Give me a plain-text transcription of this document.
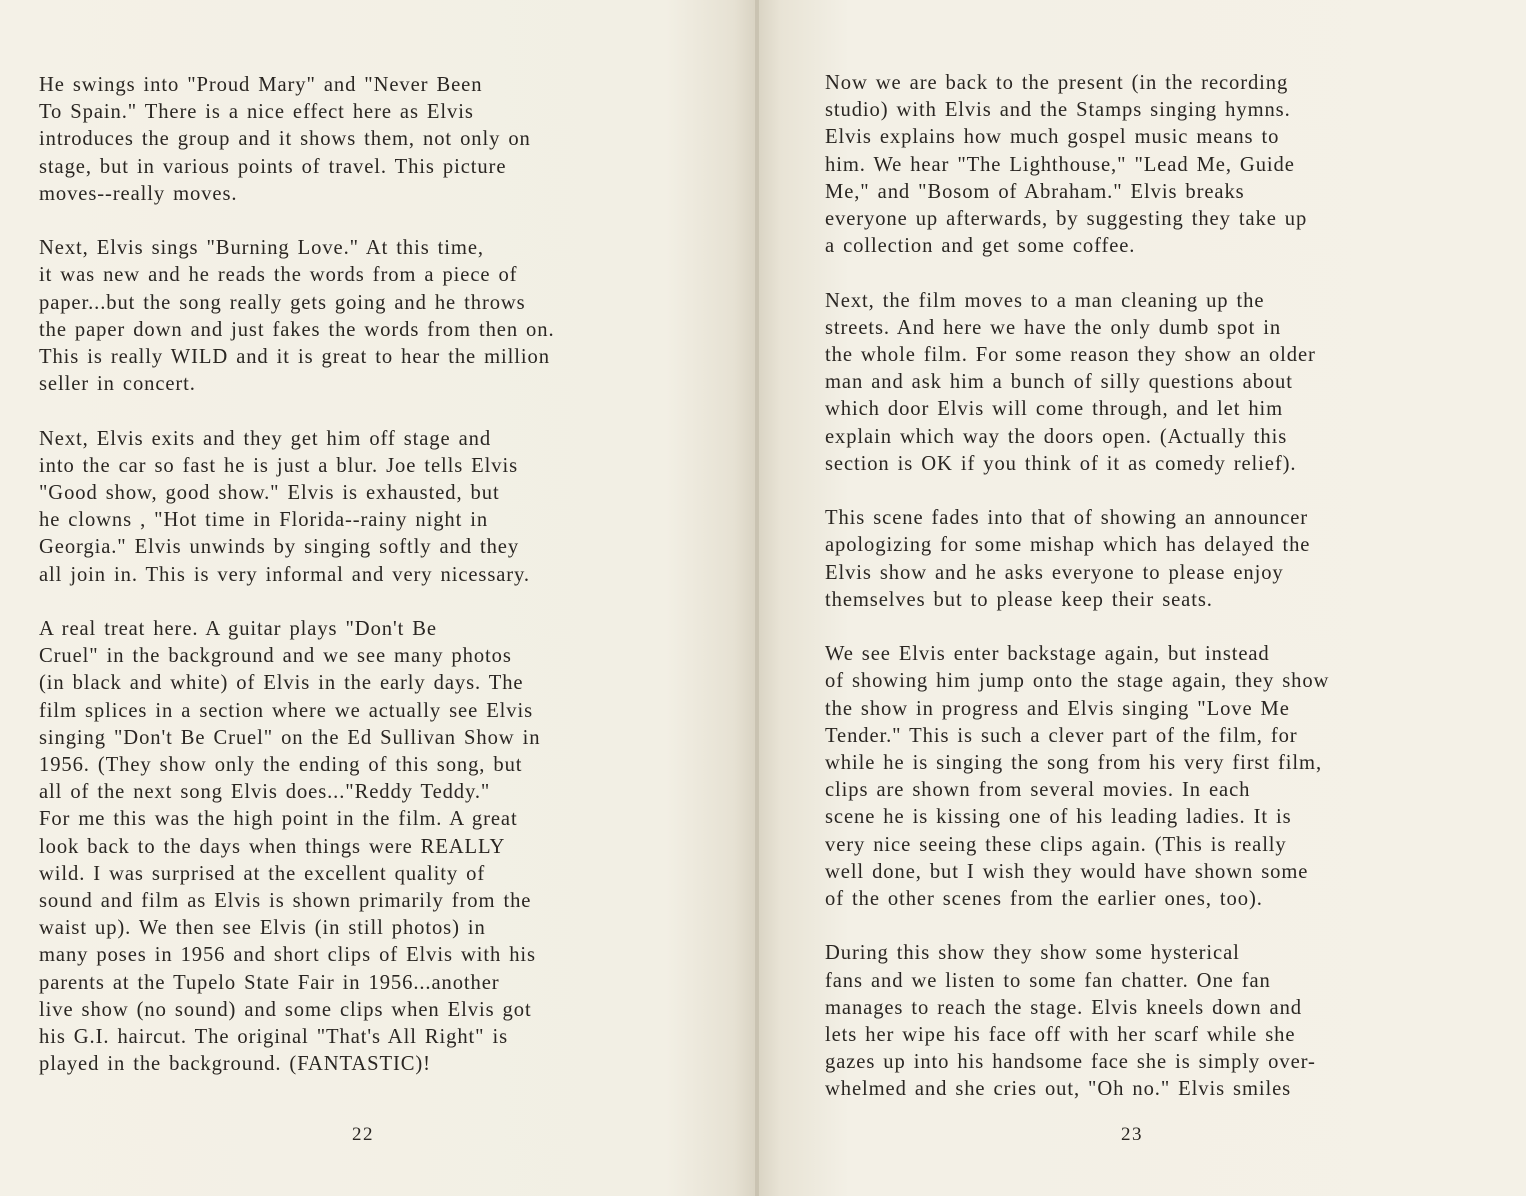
He swings into "Proud Mary" and "Never Been
To Spain." There is a nice effect here as Elvis
introduces the group and it shows them, not only on
stage, but in various points of travel. This picture
moves--really moves.

Next, Elvis sings "Burning Love." At this time,
it was new and he reads the words from a piece of
paper...but the song really gets going and he throws
the paper down and just fakes the words from then on.
This is really WILD and it is great to hear the million
seller in concert.

Next, Elvis exits and they get him off stage and
into the car so fast he is just a blur. Joe tells Elvis
"Good show, good show." Elvis is exhausted, but
he clowns , "Hot time in Florida--rainy night in
Georgia." Elvis unwinds by singing softly and they
all join in. This is very informal and very nicessary.

A real treat here. A guitar plays "Don't Be
Cruel" in the background and we see many photos
(in black and white) of Elvis in the early days. The
film splices in a section where we actually see Elvis
singing "Don't Be Cruel" on the Ed Sullivan Show in
1956. (They show only the ending of this song, but
all of the next song Elvis does..."Reddy Teddy."
For me this was the high point in the film. A great
look back to the days when things were REALLY
wild. I was surprised at the excellent quality of
sound and film as Elvis is shown primarily from the
waist up). We then see Elvis (in still photos) in
many poses in 1956 and short clips of Elvis with his
parents at the Tupelo State Fair in 1956...another
live show (no sound) and some clips when Elvis got
his G.I. haircut. The original "That's All Right" is
played in the background. (FANTASTIC)!

22

Now we are back to the present (in the recording
studio) with Elvis and the Stamps singing hymns.
Elvis explains how much gospel music means to
him. We hear "The Lighthouse," "Lead Me, Guide
Me," and "Bosom of Abraham." Elvis breaks
everyone up afterwards, by suggesting they take up
a collection and get some coffee.

Next, the film moves to a man cleaning up the
streets. And here we have the only dumb spot in
the whole film. For some reason they show an older
man and ask him a bunch of silly questions about
which door Elvis will come through, and let him
explain which way the doors open. (Actually this
section is OK if you think of it as comedy relief).

This scene fades into that of showing an announcer
apologizing for some mishap which has delayed the
Elvis show and he asks everyone to please enjoy
themselves but to please keep their seats.

We see Elvis enter backstage again, but instead
of showing him jump onto the stage again, they show
the show in progress and Elvis singing "Love Me
Tender." This is such a clever part of the film, for
while he is singing the song from his very first film,
clips are shown from several movies. In each
scene he is kissing one of his leading ladies. It is
very nice seeing these clips again. (This is really
well done, but I wish they would have shown some
of the other scenes from the earlier ones, too).

During this show they show some hysterical
fans and we listen to some fan chatter. One fan
manages to reach the stage. Elvis kneels down and
lets her wipe his face off with her scarf while she
gazes up into his handsome face she is simply over-
whelmed and she cries out, "Oh no." Elvis smiles

23
